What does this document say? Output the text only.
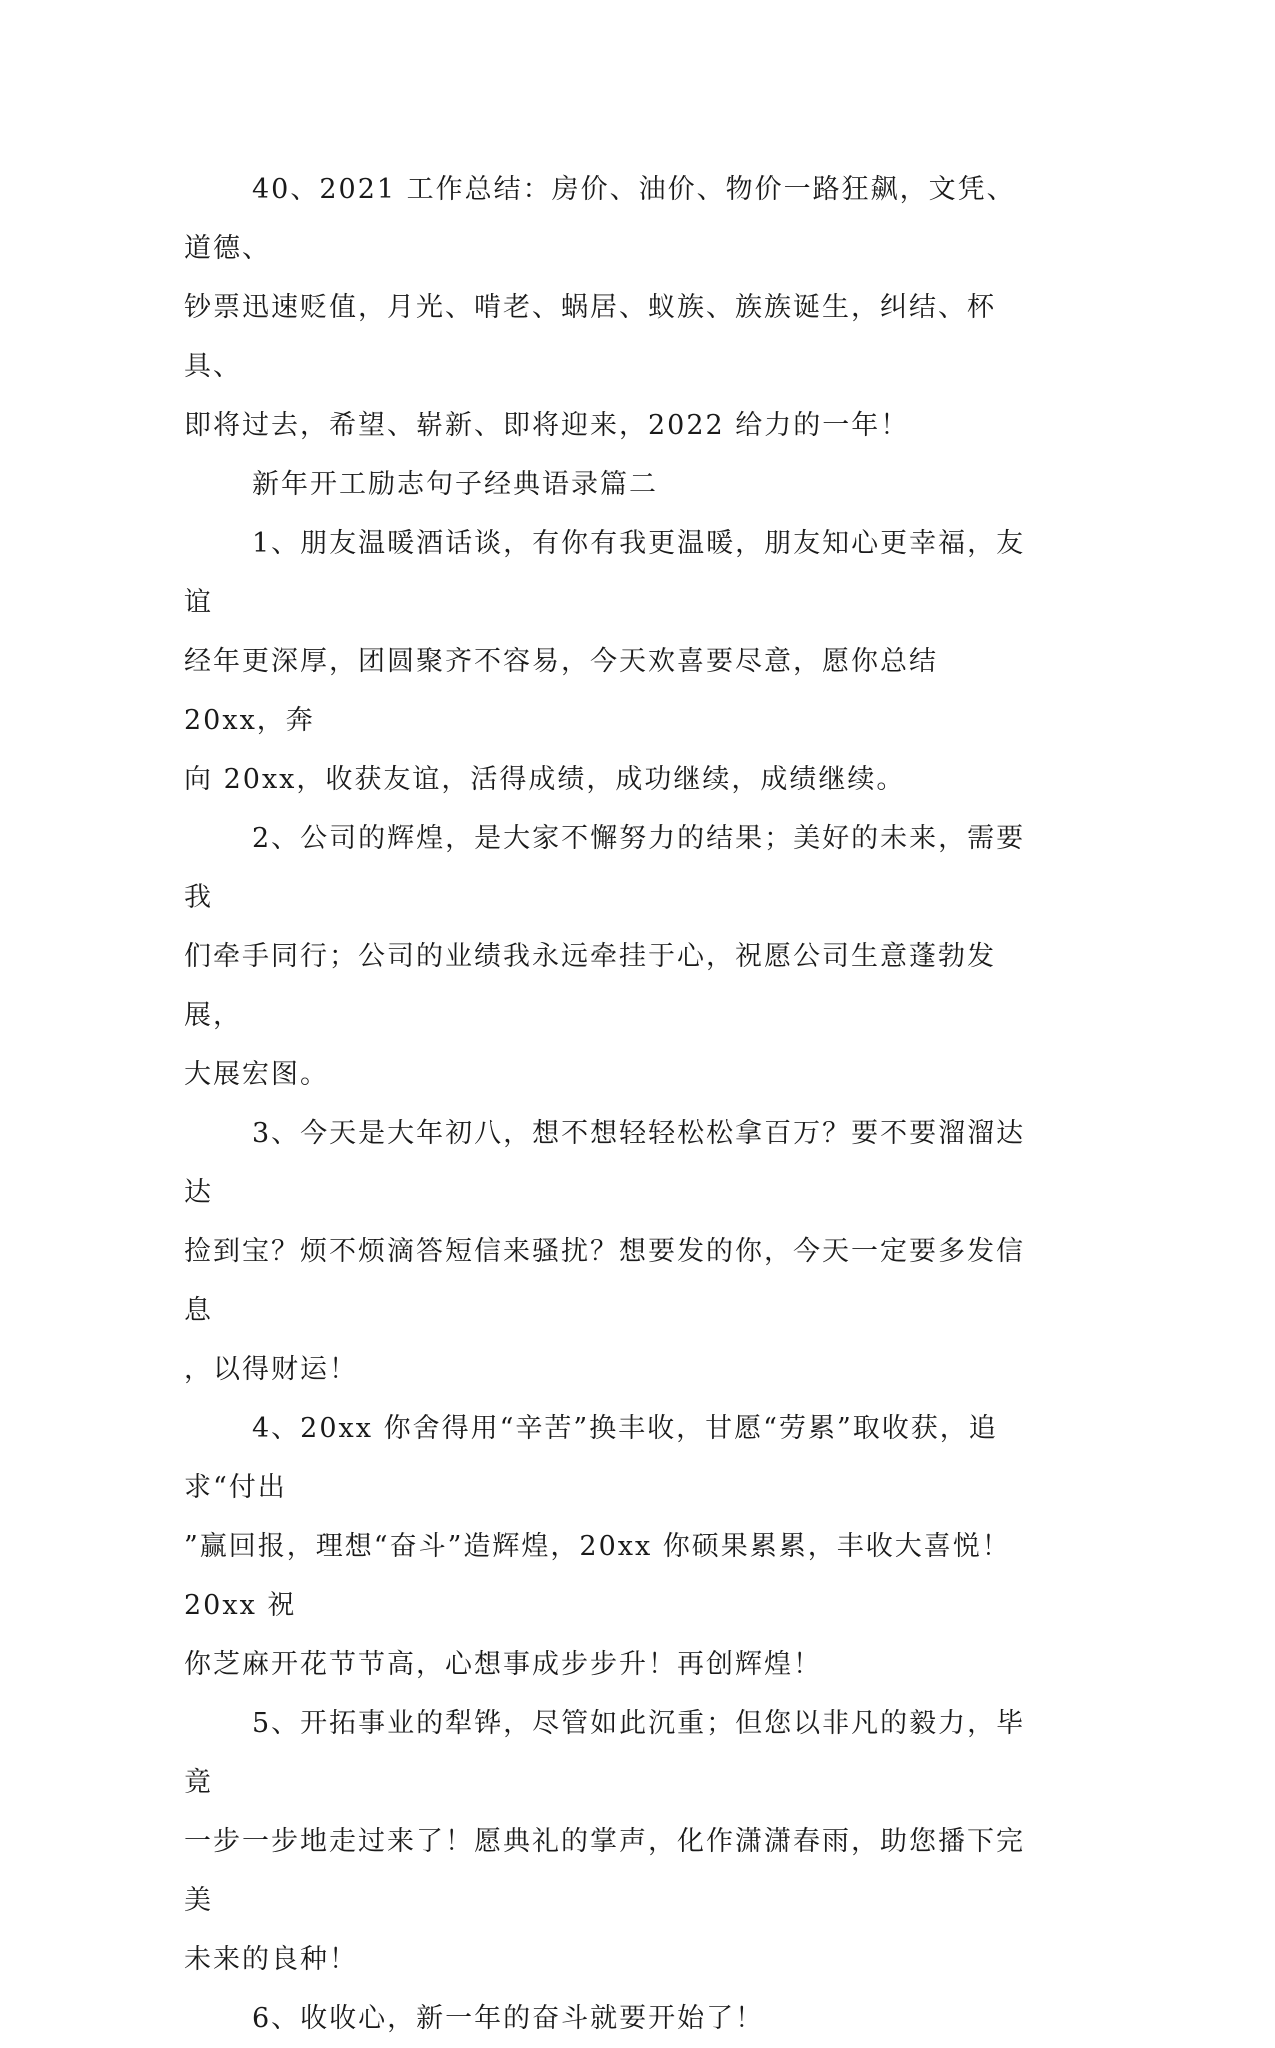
40、2021 工作总结：房价、油价、物价一路狂飙，文凭、道德、
钞票迅速贬值，月光、啃老、蜗居、蚁族、族族诞生，纠结、杯具、
即将过去，希望、崭新、即将迎来，2022 给力的一年！

新年开工励志句子经典语录篇二

1、朋友温暖酒话谈，有你有我更温暖，朋友知心更幸福，友谊
经年更深厚，团圆聚齐不容易，今天欢喜要尽意，愿你总结 20xx，奔
向 20xx，收获友谊，活得成绩，成功继续，成绩继续。

2、公司的辉煌，是大家不懈努力的结果；美好的未来，需要我
们牵手同行；公司的业绩我永远牵挂于心，祝愿公司生意蓬勃发展，
大展宏图。

3、今天是大年初八，想不想轻轻松松拿百万？要不要溜溜达达
捡到宝？烦不烦滴答短信来骚扰？想要发的你，今天一定要多发信息
，以得财运！

4、20xx 你舍得用“辛苦”换丰收，甘愿“劳累”取收获，追求“付出
”赢回报，理想“奋斗”造辉煌，20xx 你硕果累累，丰收大喜悦！20xx 祝
你芝麻开花节节高，心想事成步步升！再创辉煌！

5、开拓事业的犁铧，尽管如此沉重；但您以非凡的毅力，毕竟
一步一步地走过来了！愿典礼的掌声，化作潇潇春雨，助您播下完美
未来的良种！

6、收收心，新一年的奋斗就要开始了！
